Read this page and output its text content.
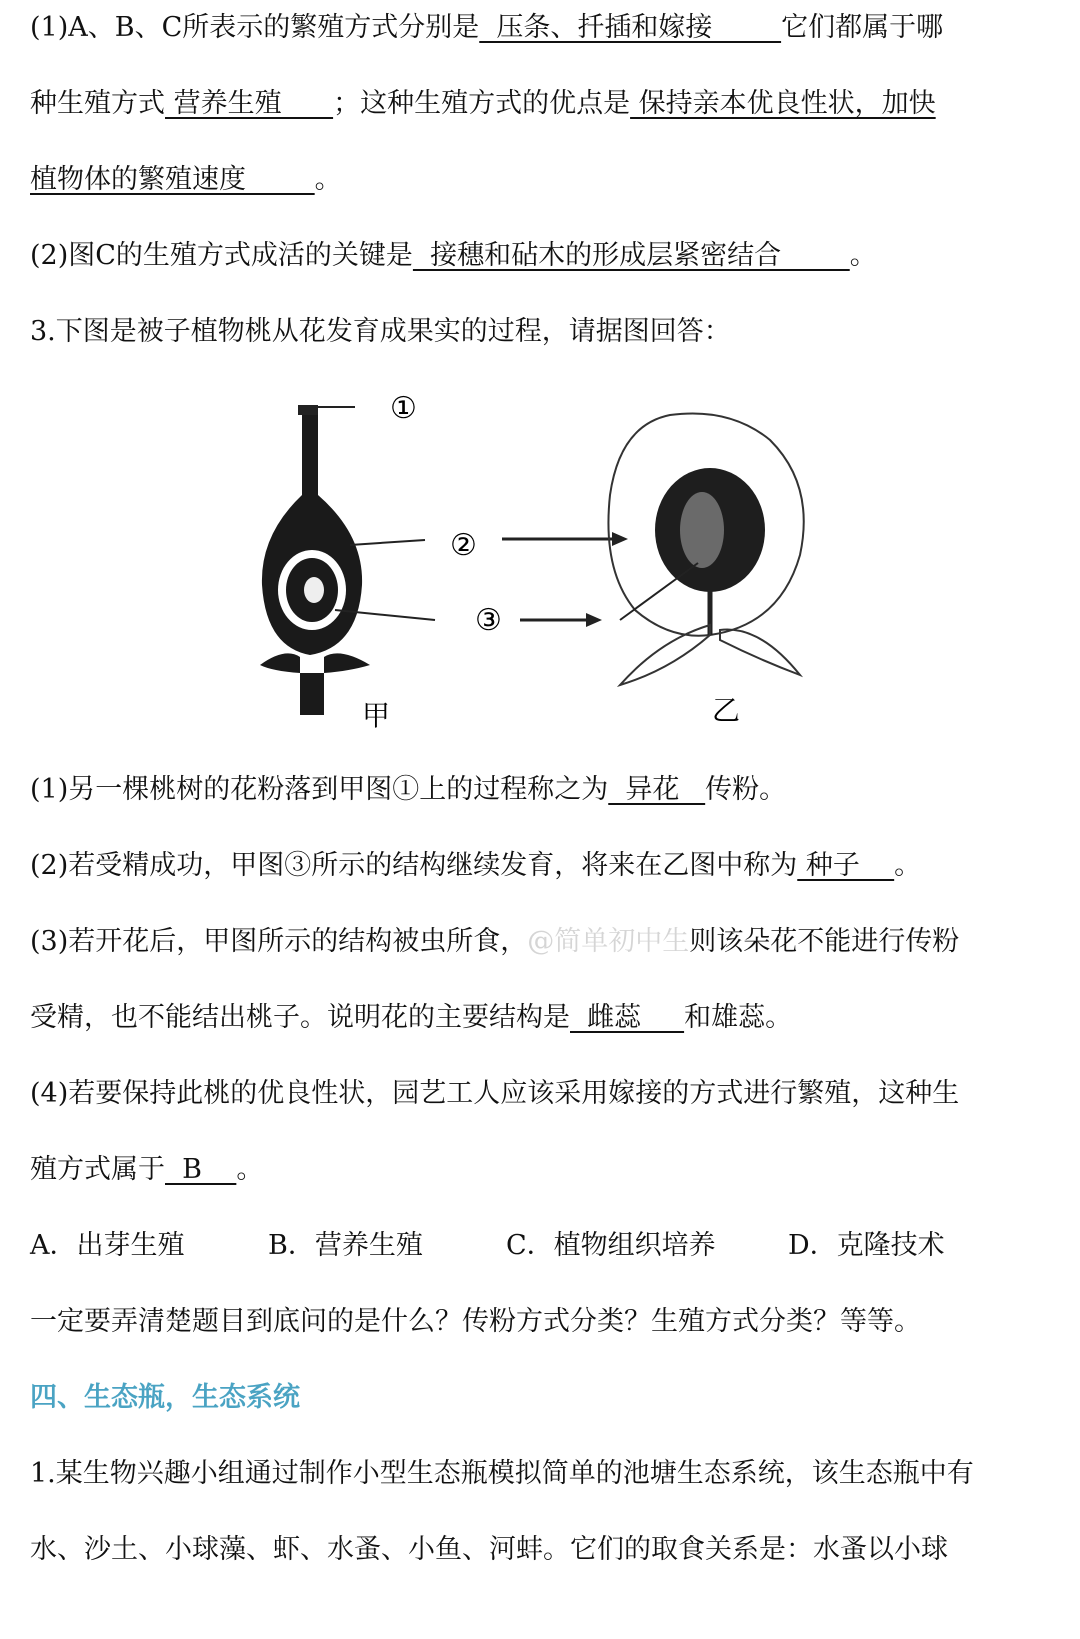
(1)A、B、C所表示的繁殖方式分别是  压条、扦插和嫁接        它们都属于哪
种生殖方式 营养生殖      ；这种生殖方式的优点是 保持亲本优良性状，加快
植物体的繁殖速度        。
(2)图C的生殖方式成活的关键是  接穗和砧木的形成层紧密结合        。
3.下图是被子植物桃从花发育成果实的过程，请据图回答：
①
②
③
甲	乙
(1)另一棵桃树的花粉落到甲图①上的过程称之为  异花   传粉。
(2)若受精成功，甲图③所示的结构继续发育，将来在乙图中称为 种子    。
(3)若开花后，甲图所示的结构被虫所食，@简单初中生则该朵花不能进行传粉
受精，也不能结出桃子。说明花的主要结构是  雌蕊     和雄蕊。
(4)若要保持此桃的优良性状，园艺工人应该采用嫁接的方式进行繁殖，这种生
殖方式属于  B    。
A．出芽生殖	B．营养生殖	C．植物组织培养	D．克隆技术
一定要弄清楚题目到底问的是什么？传粉方式分类？生殖方式分类？等等。
四、生态瓶，生态系统
1.某生物兴趣小组通过制作小型生态瓶模拟简单的池塘生态系统，该生态瓶中有
水、沙土、小球藻、虾、水蚤、小鱼、河蚌。它们的取食关系是：水蚤以小球
